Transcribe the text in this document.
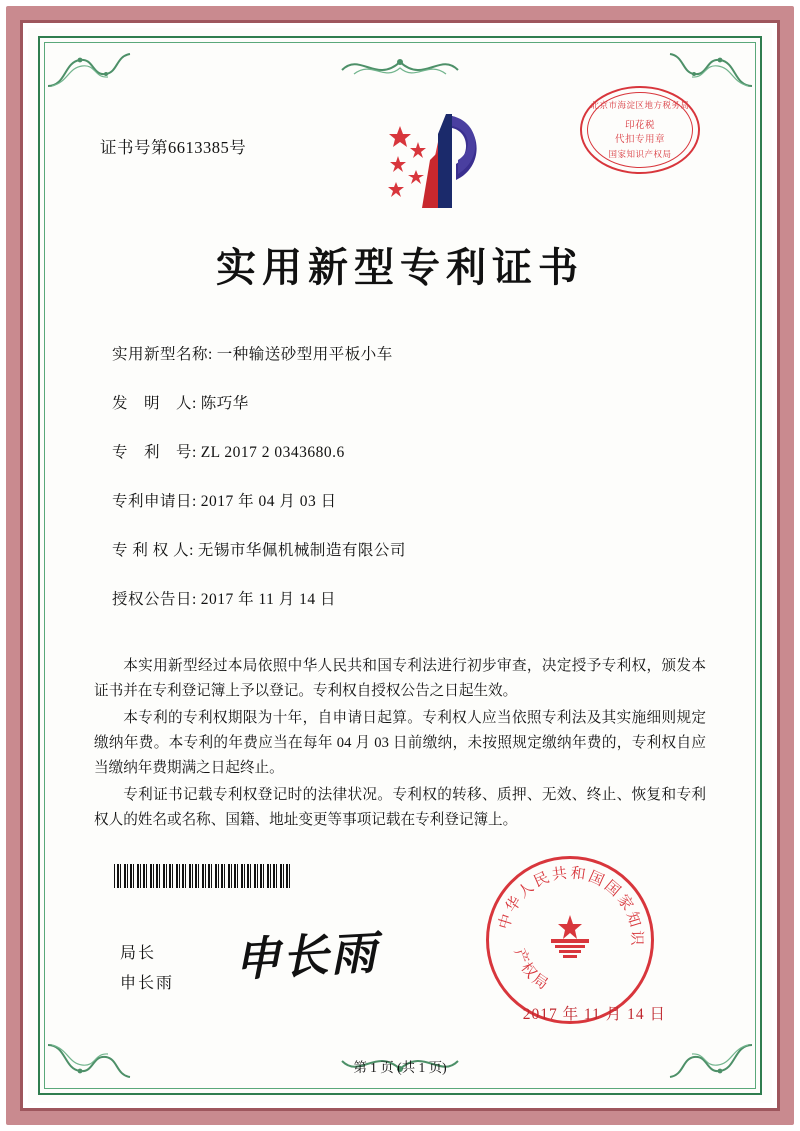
证书号第6613385号
北京市海淀区地方税务局
印花税
代扣专用章
国家知识产权局
实用新型专利证书
实用新型名称: 一种输送砂型用平板小车
发　明　人: 陈巧华
专　利　号: ZL 2017 2 0343680.6
专利申请日: 2017 年 04 月 03 日
专 利 权 人: 无锡市华佩机械制造有限公司
授权公告日: 2017 年 11 月 14 日

本实用新型经过本局依照中华人民共和国专利法进行初步审查，决定授予专利权，颁发本证书并在专利登记簿上予以登记。专利权自授权公告之日起生效。

本专利的专利权期限为十年，自申请日起算。专利权人应当依照专利法及其实施细则规定缴纳年费。本专利的年费应当在每年 04 月 03 日前缴纳，未按照规定缴纳年费的，专利权自应当缴纳年费期满之日起终止。

专利证书记载专利权登记时的法律状况。专利权的转移、质押、无效、终止、恢复和专利权人的姓名或名称、国籍、地址变更等事项记载在专利登记簿上。

中华人民共和国国家知识
产权局
局长
申长雨 申长雨
2017 年 11 月 14 日
第 1 页 (共 1 页)
